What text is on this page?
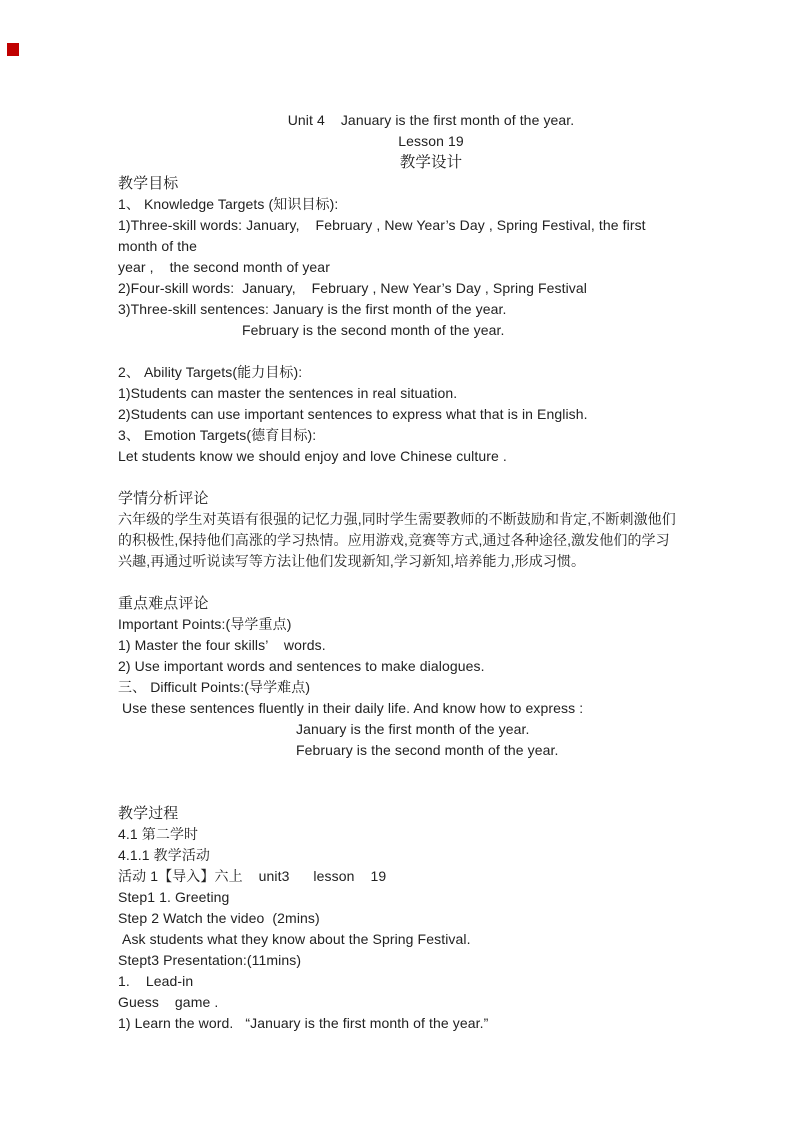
Unit 4    January is the first month of the year.
Lesson 19
教学设计
教学目标
1、 Knowledge Targets (知识目标):
1)Three-skill words: January,    February , New Year’s Day , Spring Festival, the first month of the
year ,    the second month of year
2)Four-skill words:  January,    February , New Year’s Day , Spring Festival
3)Three-skill sentences: January is the first month of the year.
February is the second month of the year.
2、 Ability Targets(能力目标):
1)Students can master the sentences in real situation.
2)Students can use important sentences to express what that is in English.
3、 Emotion Targets(德育目标):
Let students know we should enjoy and love Chinese culture .
学情分析评论
六年级的学生对英语有很强的记忆力强,同时学生需要教师的不断鼓励和肯定,不断刺激他们
的积极性,保持他们高涨的学习热情。应用游戏,竞赛等方式,通过各种途径,激发他们的学习
兴趣,再通过听说读写等方法让他们发现新知,学习新知,培养能力,形成习惯。
重点难点评论
Important Points:(导学重点)
1) Master the four skills’    words.
2) Use important words and sentences to make dialogues.
三、 Difficult Points:(导学难点)
Use these sentences fluently in their daily life. And know how to express :
January is the first month of the year.
February is the second month of the year.
教学过程
4.1 第二学时
4.1.1 教学活动
活动 1【导入】六上    unit3      lesson    19
Step1 1. Greeting
Step 2 Watch the video  (2mins)
Ask students what they know about the Spring Festival.
Stept3 Presentation:(11mins)
1.    Lead-in
Guess    game .
1) Learn the word.   “January is the first month of the year.”
